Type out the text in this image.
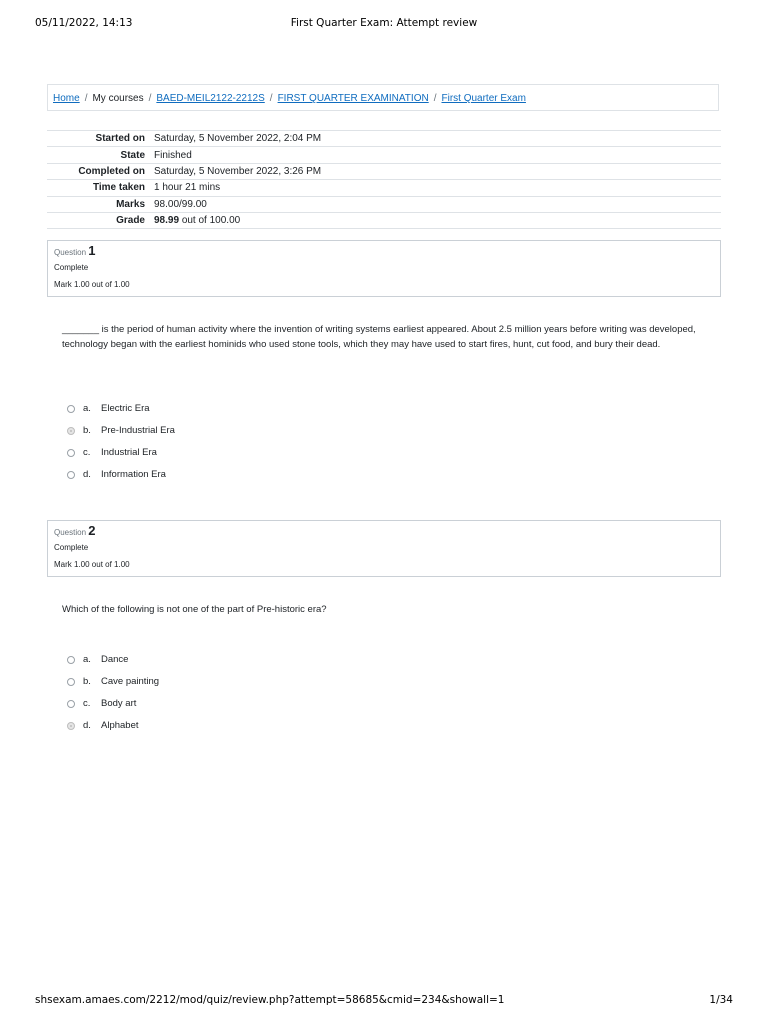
05/11/2022, 14:13	First Quarter Exam: Attempt review
Home / My courses / BAED-MEIL2122-2212S / FIRST QUARTER EXAMINATION / First Quarter Exam
Started on	Saturday, 5 November 2022, 2:04 PM
State	Finished
Completed on	Saturday, 5 November 2022, 3:26 PM
Time taken	1 hour 21 mins
Marks	98.00/99.00
Grade	98.99 out of 100.00
Question 1
Complete
Mark 1.00 out of 1.00
_______ is the period of human activity where the invention of writing systems earliest appeared. About 2.5 million years before writing was developed, technology began with the earliest hominids who used stone tools, which they may have used to start fires, hunt, cut food, and bury their dead.
a. Electric Era
b. Pre-Industrial Era
c. Industrial Era
d. Information Era
Question 2
Complete
Mark 1.00 out of 1.00
Which of the following is not one of the part of Pre-historic era?
a. Dance
b. Cave painting
c. Body art
d. Alphabet
shsexam.amaes.com/2212/mod/quiz/review.php?attempt=58685&cmid=234&showall=1	1/34
